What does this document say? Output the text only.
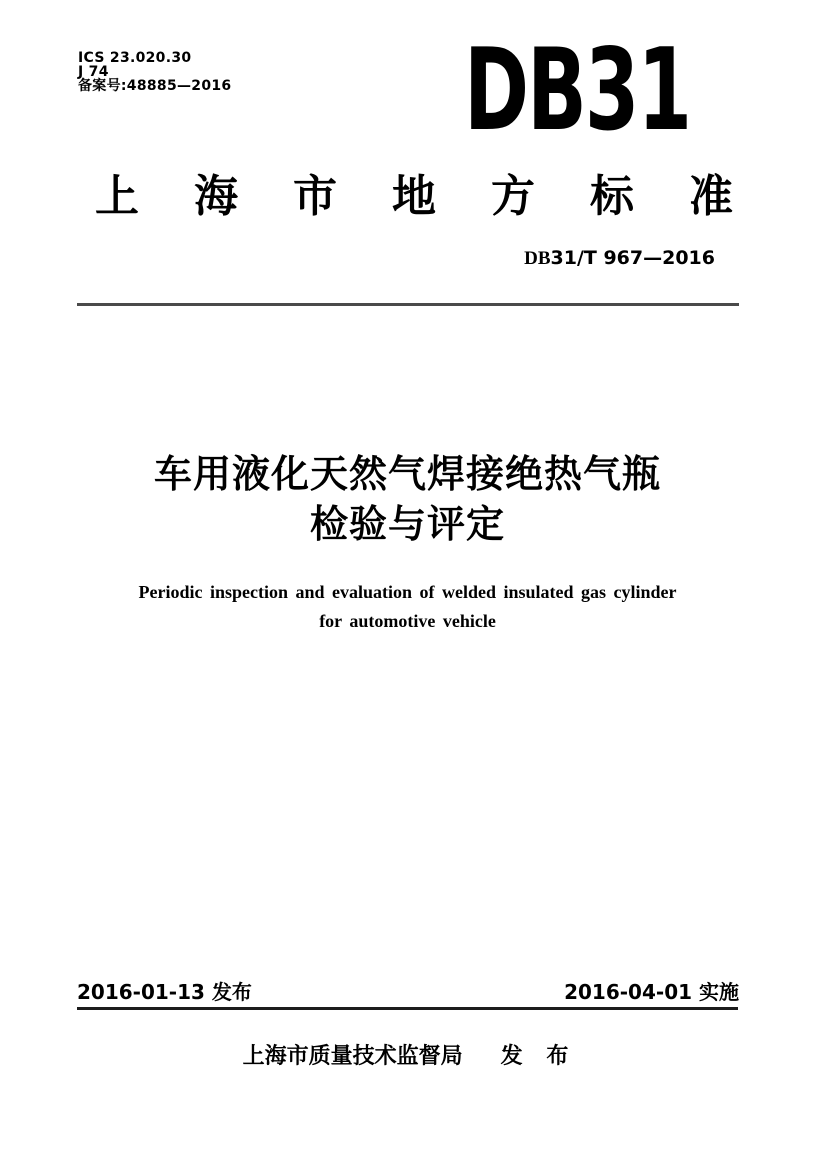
ICS 23.020.30
J 74
备案号:48885—2016	DB31
上海市地方标准
DB31/T 967—2016
车用液化天然气焊接绝热气瓶
检验与评定
Periodic inspection and evaluation of welded insulated gas cylinder
for automotive vehicle
2016-01-13 发布	2016-04-01 实施
上海市质量技术监督局 发 布
